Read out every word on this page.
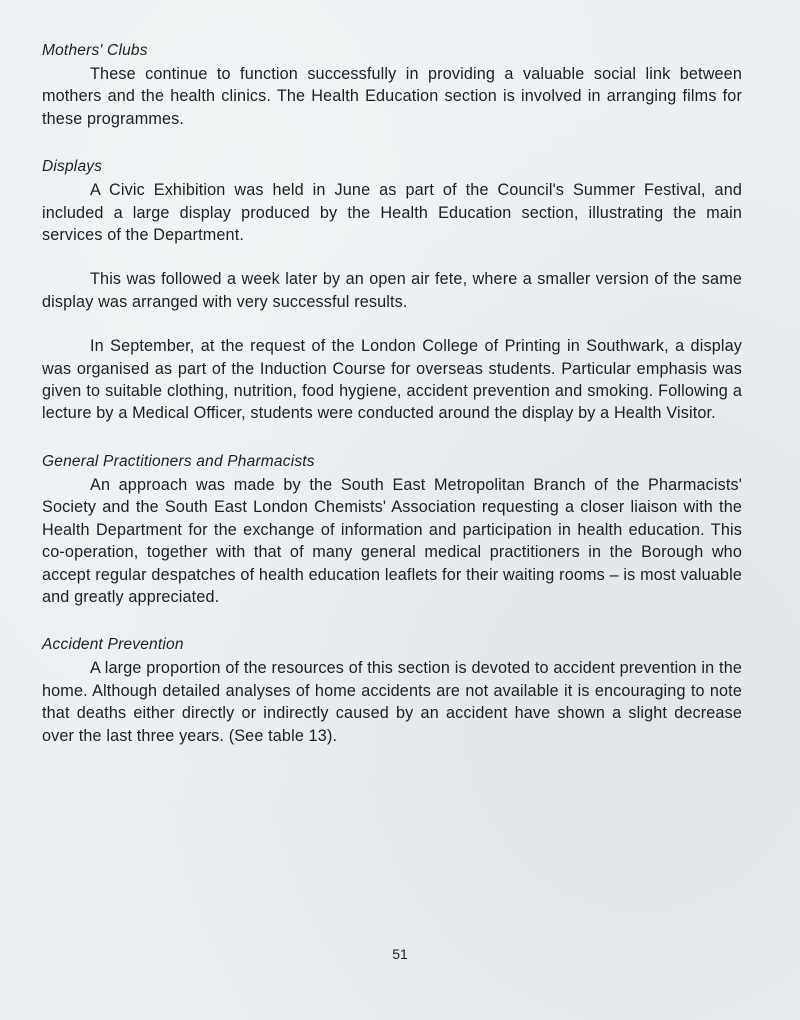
Mothers' Clubs

These continue to function successfully in providing a valuable social link between mothers and the health clinics. The Health Education section is involved in arranging films for these programmes.

Displays

A Civic Exhibition was held in June as part of the Council's Summer Festival, and included a large display produced by the Health Education section, illustrating the main services of the Department.

This was followed a week later by an open air fete, where a smaller version of the same display was arranged with very successful results.

In September, at the request of the London College of Printing in Southwark, a display was organised as part of the Induction Course for overseas students. Particular emphasis was given to suitable clothing, nutrition, food hygiene, accident prevention and smoking. Following a lecture by a Medical Officer, students were conducted around the display by a Health Visitor.

General Practitioners and Pharmacists

An approach was made by the South East Metropolitan Branch of the Pharmacists' Society and the South East London Chemists' Association requesting a closer liaison with the Health Department for the exchange of information and participation in health education. This co-operation, together with that of many general medical practitioners in the Borough who accept regular despatches of health education leaflets for their waiting rooms – is most valuable and greatly appreciated.

Accident Prevention

A large proportion of the resources of this section is devoted to accident prevention in the home. Although detailed analyses of home accidents are not available it is encouraging to note that deaths either directly or indirectly caused by an accident have shown a slight decrease over the last three years. (See table 13).

51
